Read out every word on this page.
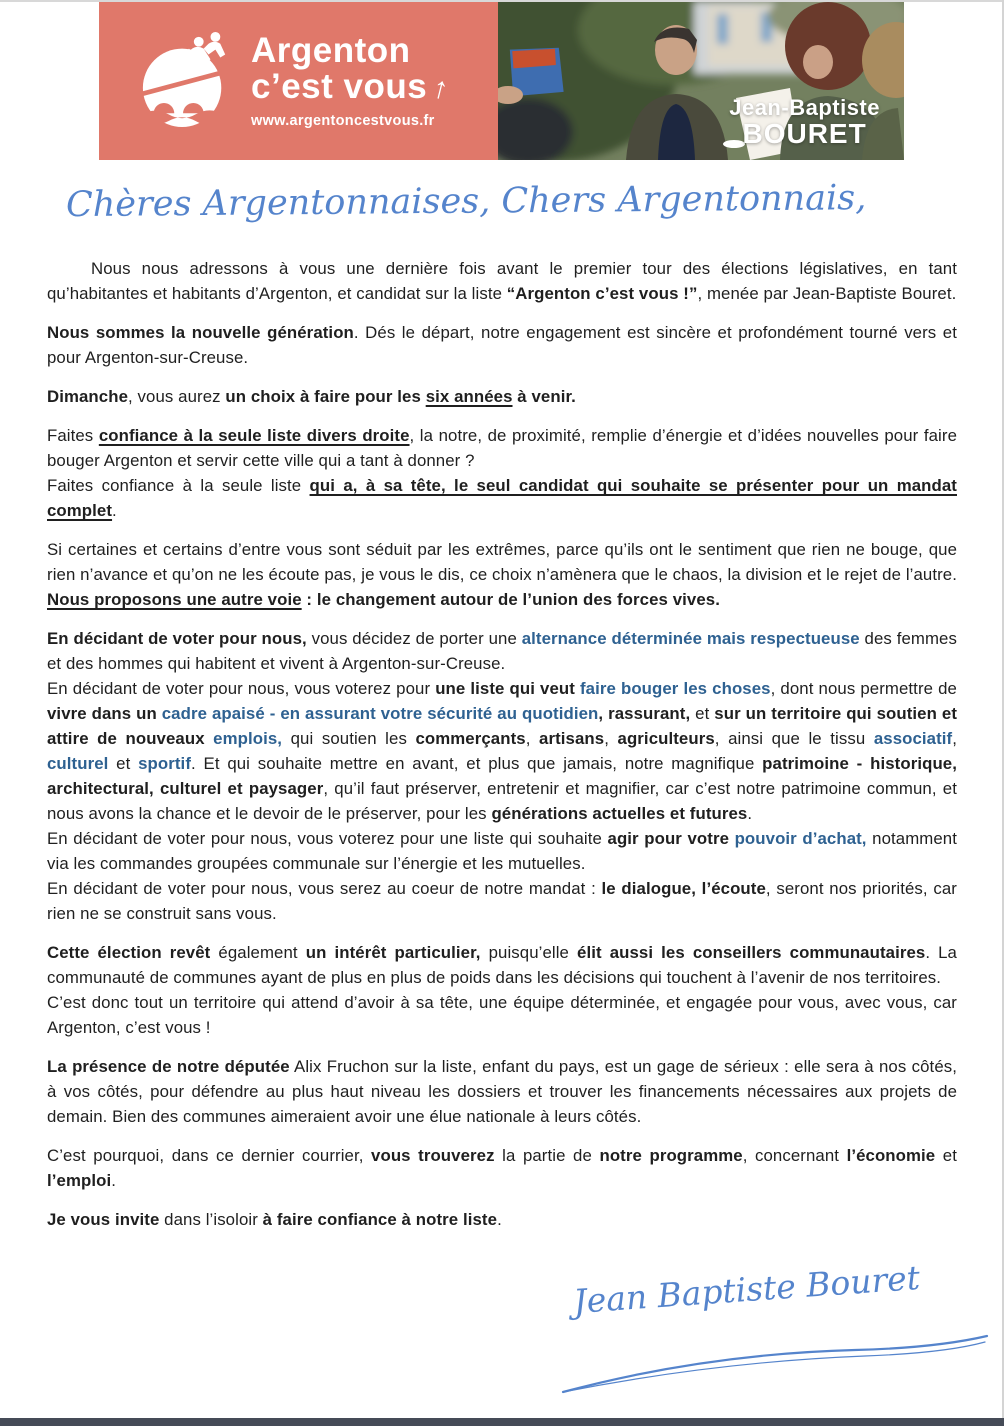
Argenton
c’est vous↑
www.argentoncestvous.fr
Jean-Baptiste
BOURET
Chères Argentonnaises, Chers Argentonnais,

Nous nous adressons à vous une dernière fois avant le premier tour des élections législatives, en tant qu’habitantes et habitants d’Argenton, et candidat sur la liste “Argenton c’est vous !”, menée par Jean-Baptiste Bouret.

Nous sommes la nouvelle génération. Dés le départ, notre engagement est sincère et profondément tourné vers et pour Argenton-sur-Creuse.

Dimanche, vous aurez un choix à faire pour les six années à venir.

Faites confiance à la seule liste divers droite, la notre, de proximité, remplie d’énergie et d’idées nouvelles pour faire bouger Argenton et servir cette ville qui a tant à donner ?
Faites confiance à la seule liste qui a, à sa tête, le seul candidat qui souhaite se présenter pour un mandat complet.

Si certaines et certains d’entre vous sont séduit par les extrêmes, parce qu’ils ont le sentiment que rien ne bouge, que rien n’avance et qu’on ne les écoute pas, je vous le dis, ce choix n’amènera que le chaos, la division et le rejet de l’autre. Nous proposons une autre voie : le changement autour de l’union des forces vives.

En décidant de voter pour nous, vous décidez de porter une alternance déterminée mais respectueuse des femmes et des hommes qui habitent et vivent à Argenton-sur-Creuse.
En décidant de voter pour nous, vous voterez pour une liste qui veut faire bouger les choses, dont nous permettre de vivre dans un cadre apaisé - en assurant votre sécurité au quotidien, rassurant, et sur un territoire qui soutien et attire de nouveaux emplois, qui soutien les commerçants, artisans, agriculteurs, ainsi que le tissu associatif, culturel et sportif. Et qui souhaite mettre en avant, et plus que jamais, notre magnifique patrimoine - historique, architectural, culturel et paysager, qu’il faut préserver, entretenir et magnifier, car c’est notre patrimoine commun, et nous avons la chance et le devoir de le préserver, pour les générations actuelles et futures.
En décidant de voter pour nous, vous voterez pour une liste qui souhaite agir pour votre pouvoir d’achat, notamment via les commandes groupées communale sur l’énergie et les mutuelles.
En décidant de voter pour nous, vous serez au coeur de notre mandat : le dialogue, l’écoute, seront nos priorités, car rien ne se construit sans vous.

Cette élection revêt également un intérêt particulier, puisqu’elle élit aussi les conseillers communautaires. La communauté de communes ayant de plus en plus de poids dans les décisions qui touchent à l’avenir de nos territoires.
C’est donc tout un territoire qui attend d’avoir à sa tête, une équipe déterminée, et engagée pour vous, avec vous, car Argenton, c’est vous !

La présence de notre députée Alix Fruchon sur la liste, enfant du pays, est un gage de sérieux : elle sera à nos côtés, à vos côtés, pour défendre au plus haut niveau les dossiers et trouver les financements nécessaires aux projets de demain. Bien des communes aimeraient avoir une élue nationale à leurs côtés.

C’est pourquoi, dans ce dernier courrier, vous trouverez la partie de notre programme, concernant l’économie et l’emploi.

Je vous invite dans l’isoloir à faire confiance à notre liste.

Jean Baptiste Bouret
